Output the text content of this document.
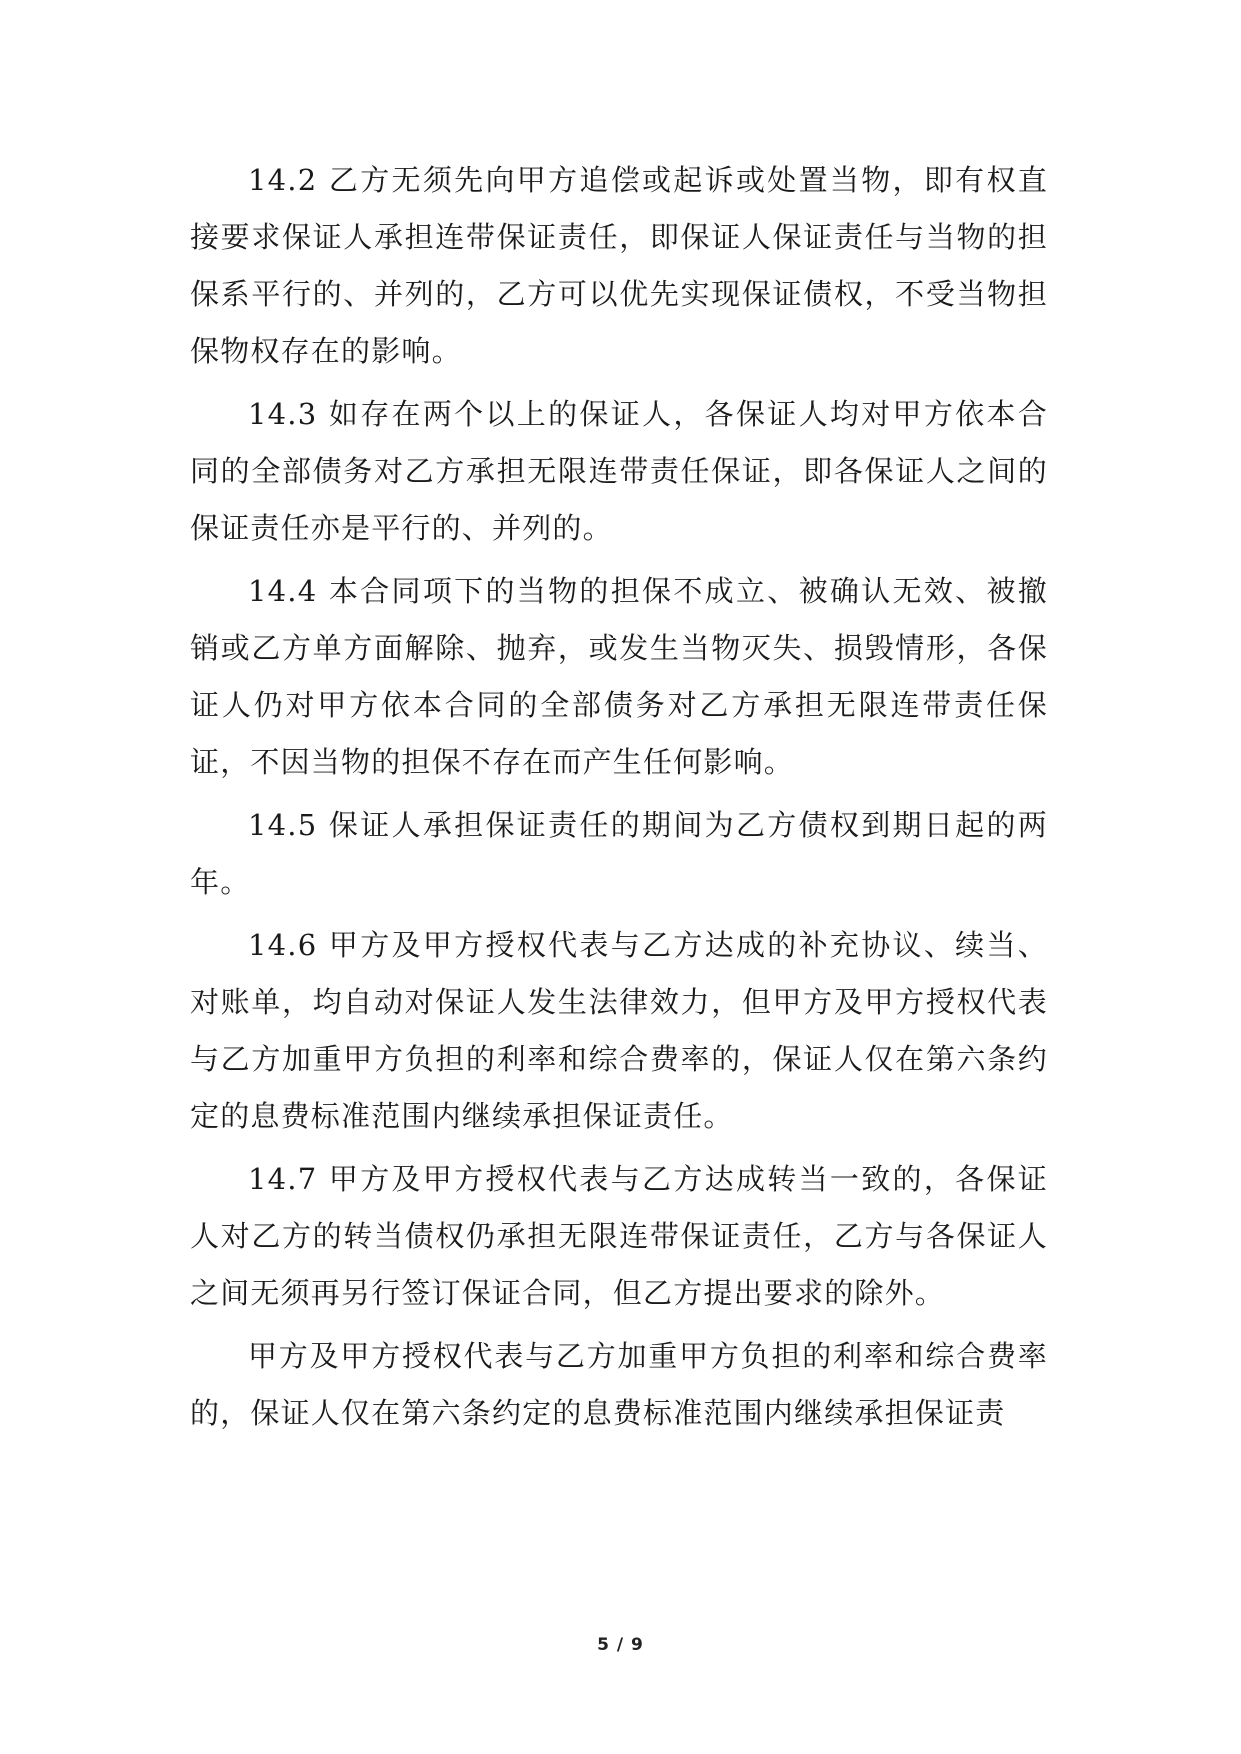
14.2 乙方无须先向甲方追偿或起诉或处置当物，即有权直接要求保证人承担连带保证责任，即保证人保证责任与当物的担保系平行的、并列的，乙方可以优先实现保证债权，不受当物担保物权存在的影响。

14.3 如存在两个以上的保证人，各保证人均对甲方依本合同的全部债务对乙方承担无限连带责任保证，即各保证人之间的保证责任亦是平行的、并列的。

14.4 本合同项下的当物的担保不成立、被确认无效、被撤销或乙方单方面解除、抛弃，或发生当物灭失、损毁情形，各保证人仍对甲方依本合同的全部债务对乙方承担无限连带责任保证，不因当物的担保不存在而产生任何影响。

14.5 保证人承担保证责任的期间为乙方债权到期日起的两年。

14.6 甲方及甲方授权代表与乙方达成的补充协议、续当、对账单，均自动对保证人发生法律效力，但甲方及甲方授权代表与乙方加重甲方负担的利率和综合费率的，保证人仅在第六条约定的息费标准范围内继续承担保证责任。

14.7 甲方及甲方授权代表与乙方达成转当一致的，各保证人对乙方的转当债权仍承担无限连带保证责任，乙方与各保证人之间无须再另行签订保证合同，但乙方提出要求的除外。

甲方及甲方授权代表与乙方加重甲方负担的利率和综合费率的，保证人仅在第六条约定的息费标准范围内继续承担保证责

5 / 9
